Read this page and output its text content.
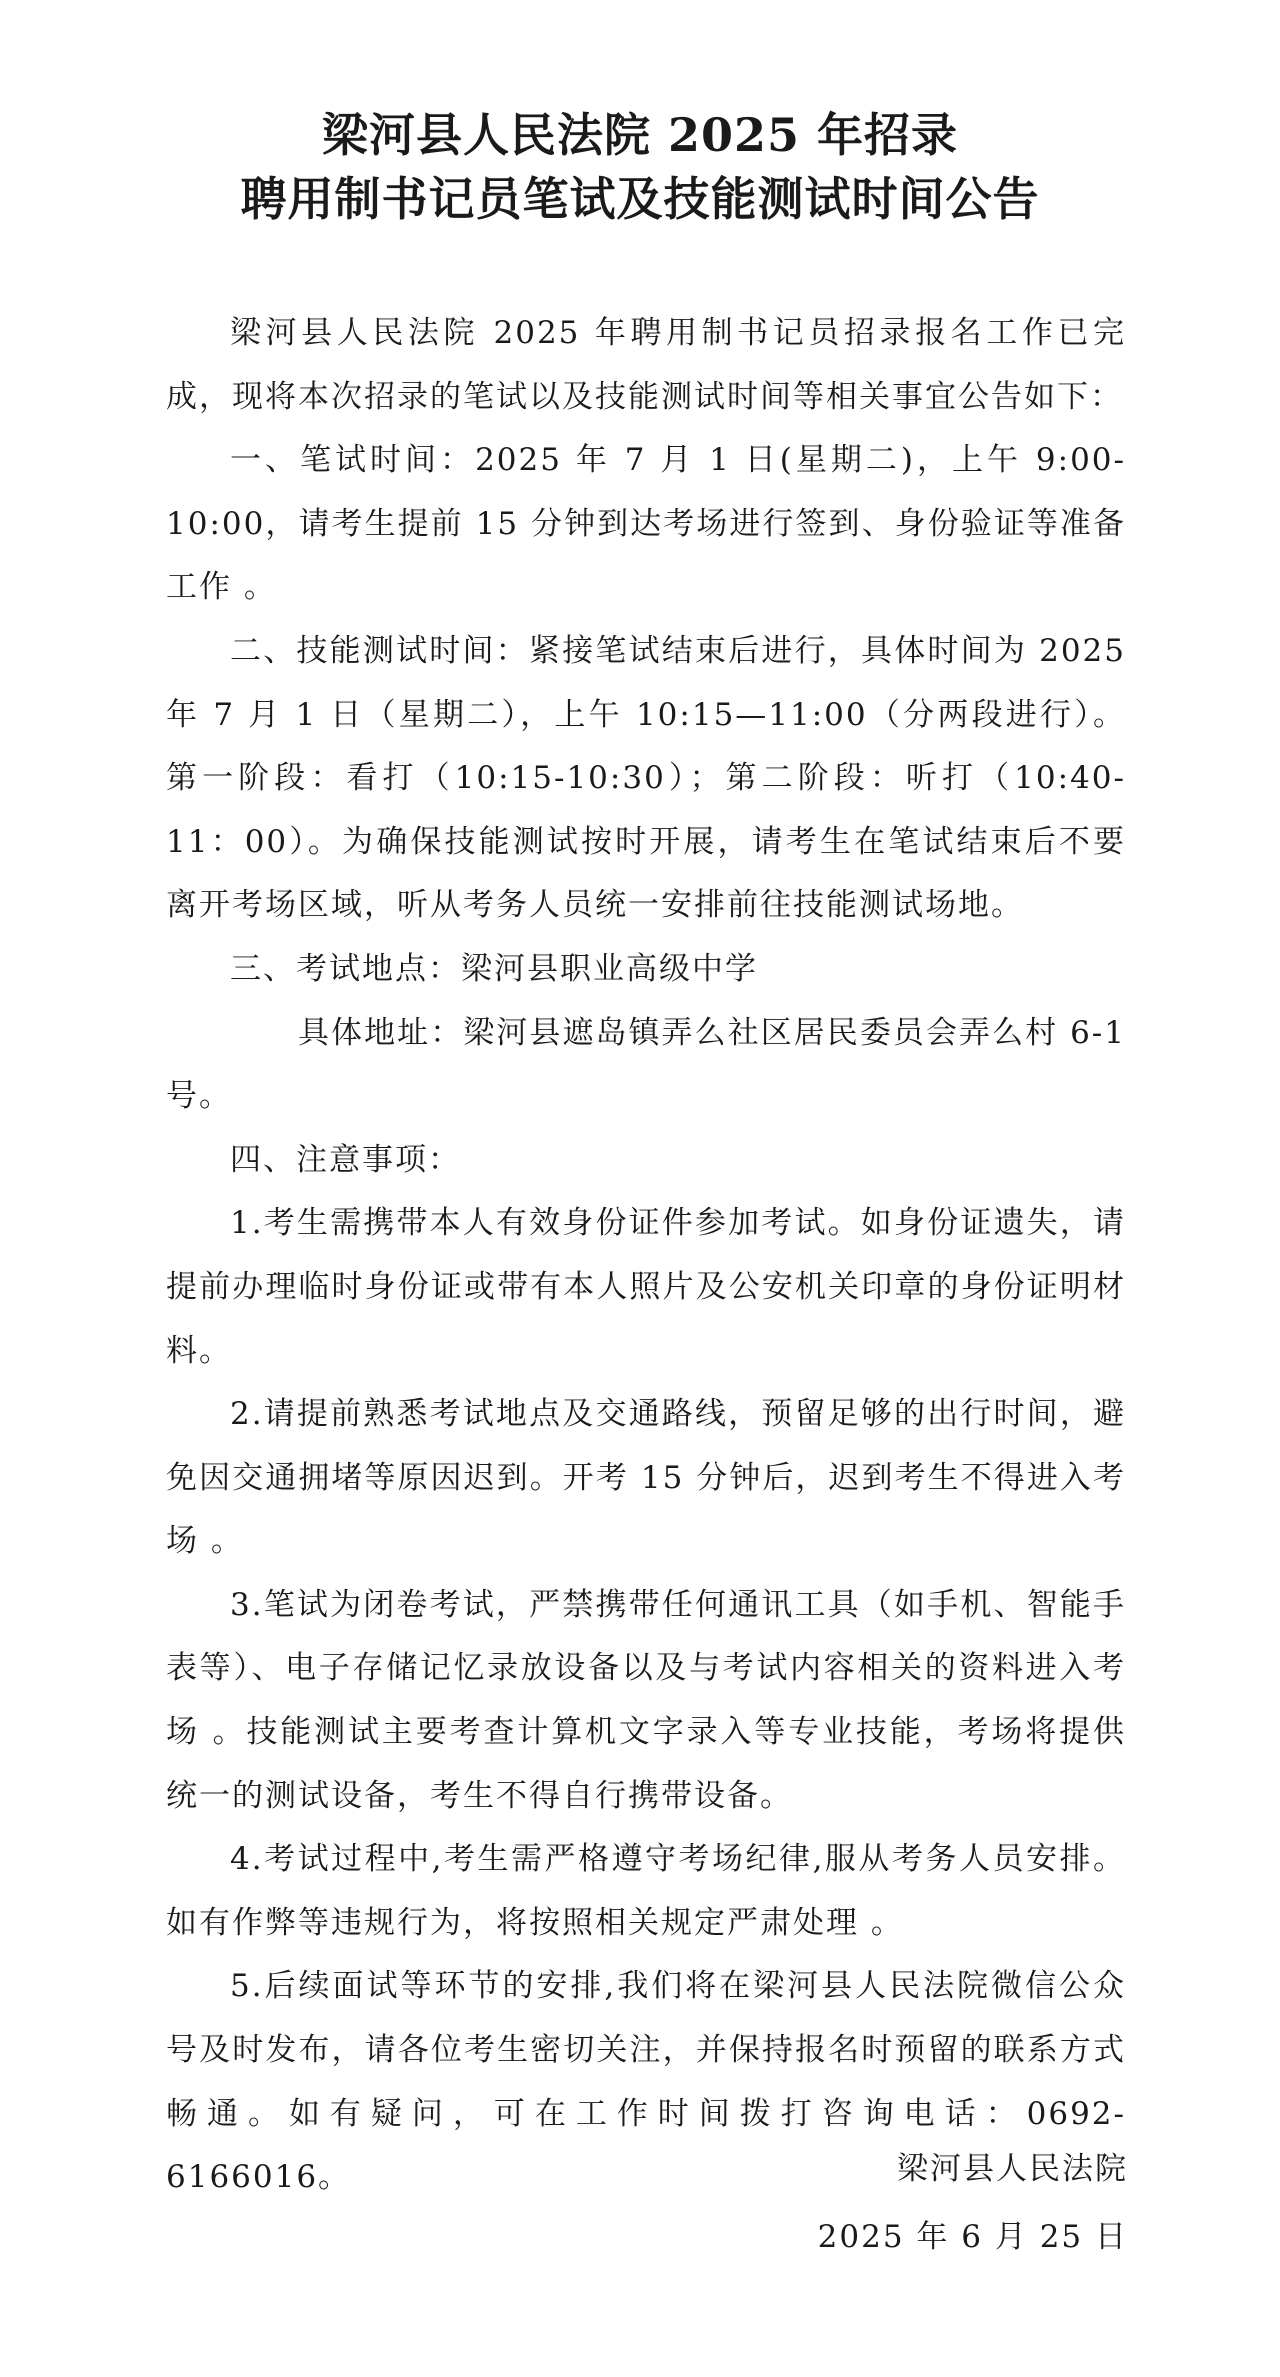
梁河县人民法院 2025 年招录
聘用制书记员笔试及技能测试时间公告

梁河县人民法院 2025 年聘用制书记员招录报名工作已完成，现将本次招录的笔试以及技能测试时间等相关事宜公告如下：

一、笔试时间：2025 年 7 月 1 日(星期二)，上午 9:00-10:00，请考生提前 15 分钟到达考场进行签到、身份验证等准备工作 。

二、技能测试时间：紧接笔试结束后进行，具体时间为 2025 年 7 月 1 日（星期二），上午 10:15—11:00（分两段进行）。第一阶段：看打（10:15-10:30）；第二阶段：听打（10:40-11：00）。为确保技能测试按时开展，请考生在笔试结束后不要离开考场区域，听从考务人员统一安排前往技能测试场地。

三、考试地点：梁河县职业高级中学

具体地址：梁河县遮岛镇弄么社区居民委员会弄么村 6-1 号。

四、注意事项：

1.考生需携带本人有效身份证件参加考试。如身份证遗失，请提前办理临时身份证或带有本人照片及公安机关印章的身份证明材料。

2.请提前熟悉考试地点及交通路线，预留足够的出行时间，避免因交通拥堵等原因迟到。开考 15 分钟后，迟到考生不得进入考场 。

3.笔试为闭卷考试，严禁携带任何通讯工具（如手机、智能手表等）、电子存储记忆录放设备以及与考试内容相关的资料进入考场 。技能测试主要考查计算机文字录入等专业技能，考场将提供统一的测试设备，考生不得自行携带设备。

4.考试过程中,考生需严格遵守考场纪律,服从考务人员安排。如有作弊等违规行为，将按照相关规定严肃处理 。

5.后续面试等环节的安排,我们将在梁河县人民法院微信公众号及时发布，请各位考生密切关注，并保持报名时预留的联系方式畅通。如有疑问，可在工作时间拨打咨询电话：0692-6166016。	梁河县人民法院
2025 年 6 月 25 日
